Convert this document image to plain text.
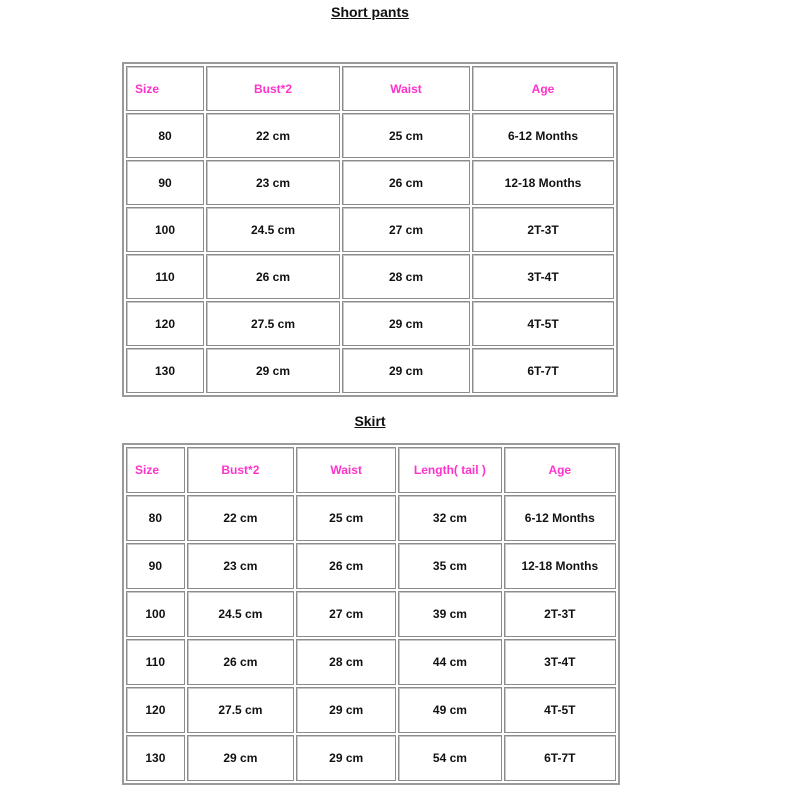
Short pants
Size	Bust*2	Waist	Age
80	22 cm	25 cm	6-12 Months
90	23 cm	26 cm	12-18 Months
100	24.5 cm	27 cm	2T-3T
110	26 cm	28 cm	3T-4T
120	27.5 cm	29 cm	4T-5T
130	29 cm	29 cm	6T-7T
Skirt
Size	Bust*2	Waist	Length( tail )	Age
80	22 cm	25 cm	32 cm	6-12 Months
90	23 cm	26 cm	35 cm	12-18 Months
100	24.5 cm	27 cm	39 cm	2T-3T
110	26 cm	28 cm	44 cm	3T-4T
120	27.5 cm	29 cm	49 cm	4T-5T
130	29 cm	29 cm	54 cm	6T-7T
